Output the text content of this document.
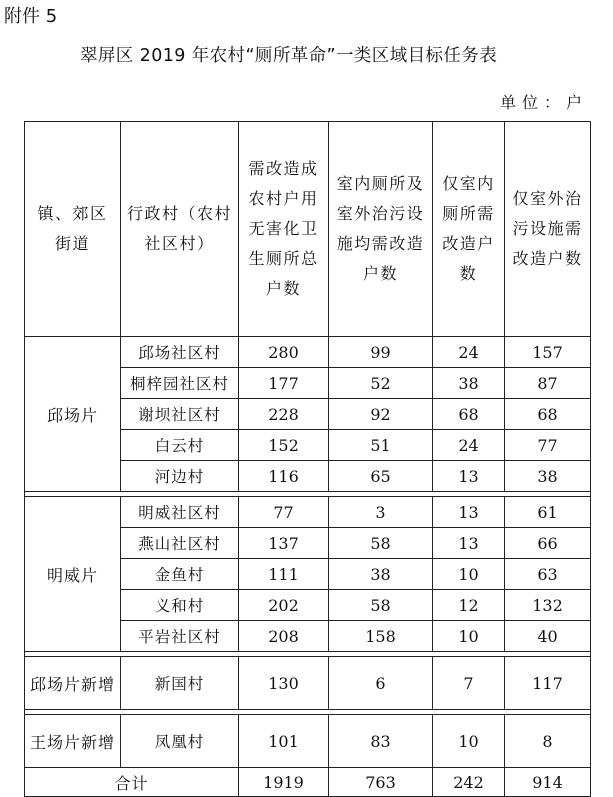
附件 5
翠屏区 2019 年农村“厕所革命”一类区域目标任务表
单位：户
镇、郊区街道	行政村（农村社区村）	需改造成农村户用无害化卫生厕所总户数	室内厕所及室外治污设施均需改造户数	仅室内厕所需改造户数	仅室外治污设施需改造户数
邱场片	邱场社区村	280	99	24	157
	桐梓园社区村	177	52	38	87
	谢坝社区村	228	92	68	68
	白云村	152	51	24	77
	河边村	116	65	13	38

明威片	明威社区村	77	3	13	61
	燕山社区村	137	58	13	66
	金鱼村	111	38	10	63
	义和村	202	58	12	132
	平岩社区村	208	158	10	40

邱场片新增	新国村	130	6	7	117

王场片新增	凤凰村	101	83	10	8
合计		1919	763	242	914
